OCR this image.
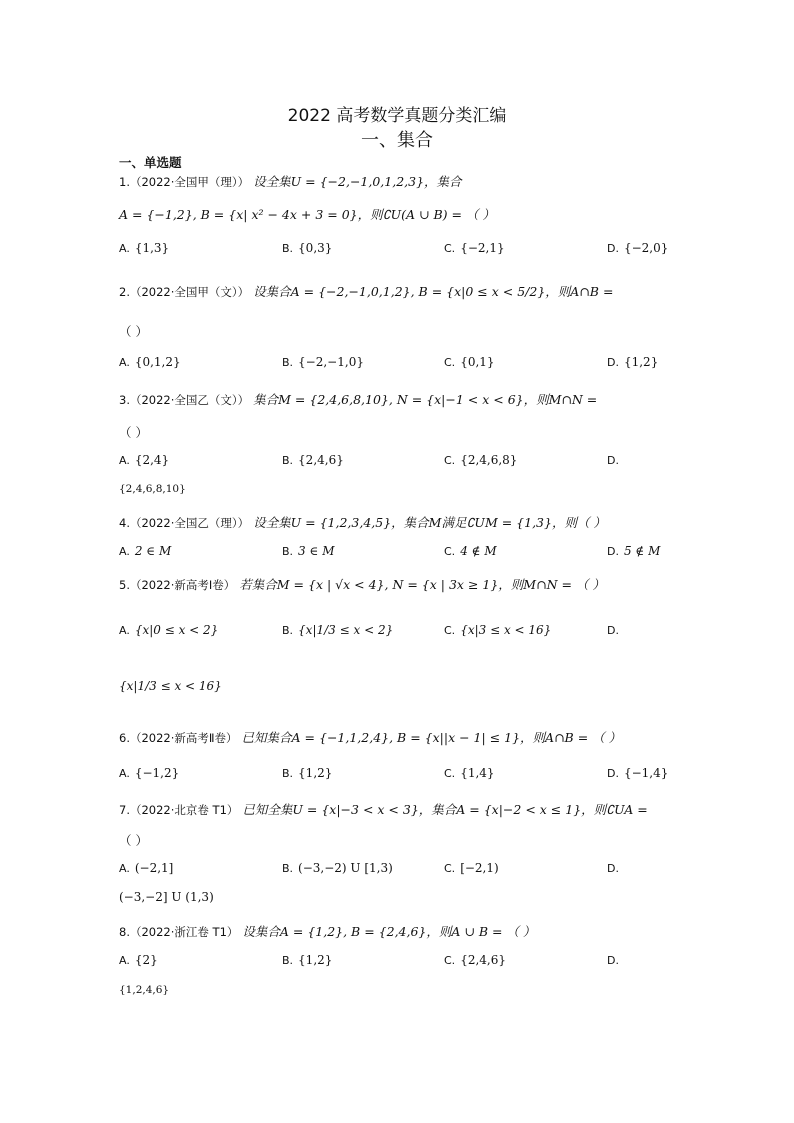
2022 高考数学真题分类汇编
一、集合
一、单选题
1.（2022·全国甲（理）） 设全集U = {−2,−1,0,1,2,3}，集合
A = {−1,2}, B = {x| x² − 4x + 3 = 0}，则∁U(A ∪ B) = （ ）
A. {1,3}	B. {0,3}	C. {−2,1}	D. {−2,0}
2.（2022·全国甲（文）） 设集合A = {−2,−1,0,1,2}, B = {x|0 ≤ x < 5/2}，则A∩B =
（ ）
A. {0,1,2}	B. {−2,−1,0}	C. {0,1}	D. {1,2}
3.（2022·全国乙（文）） 集合M = {2,4,6,8,10}, N = {x|−1 < x < 6}，则M∩N =
（ ）
A. {2,4}	B. {2,4,6}	C. {2,4,6,8}	D.
{2,4,6,8,10}
4.（2022·全国乙（理）） 设全集U = {1,2,3,4,5}，集合M满足∁UM = {1,3}，则（ ）
A. 2 ∈ M	B. 3 ∈ M	C. 4 ∉ M	D. 5 ∉ M
5.（2022·新高考Ⅰ卷） 若集合M = {x | √x < 4}, N = {x | 3x ≥ 1}，则M∩N = （ ）
A. {x|0 ≤ x < 2}	B. {x|1/3 ≤ x < 2}	C. {x|3 ≤ x < 16}	D.
{x|1/3 ≤ x < 16}
6.（2022·新高考Ⅱ卷） 已知集合A = {−1,1,2,4}, B = {x||x − 1| ≤ 1}，则A∩B = （ ）
A. {−1,2}	B. {1,2}	C. {1,4}	D. {−1,4}
7.（2022·北京卷 T1） 已知全集U = {x|−3 < x < 3}，集合A = {x|−2 < x ≤ 1}，则∁UA =
（ ）
A. (−2,1]	B. (−3,−2) U [1,3)	C. [−2,1)	D.
(−3,−2] U (1,3)
8.（2022·浙江卷 T1） 设集合A = {1,2}, B = {2,4,6}，则A ∪ B = （ ）
A. {2}	B. {1,2}	C. {2,4,6}	D.
{1,2,4,6}
